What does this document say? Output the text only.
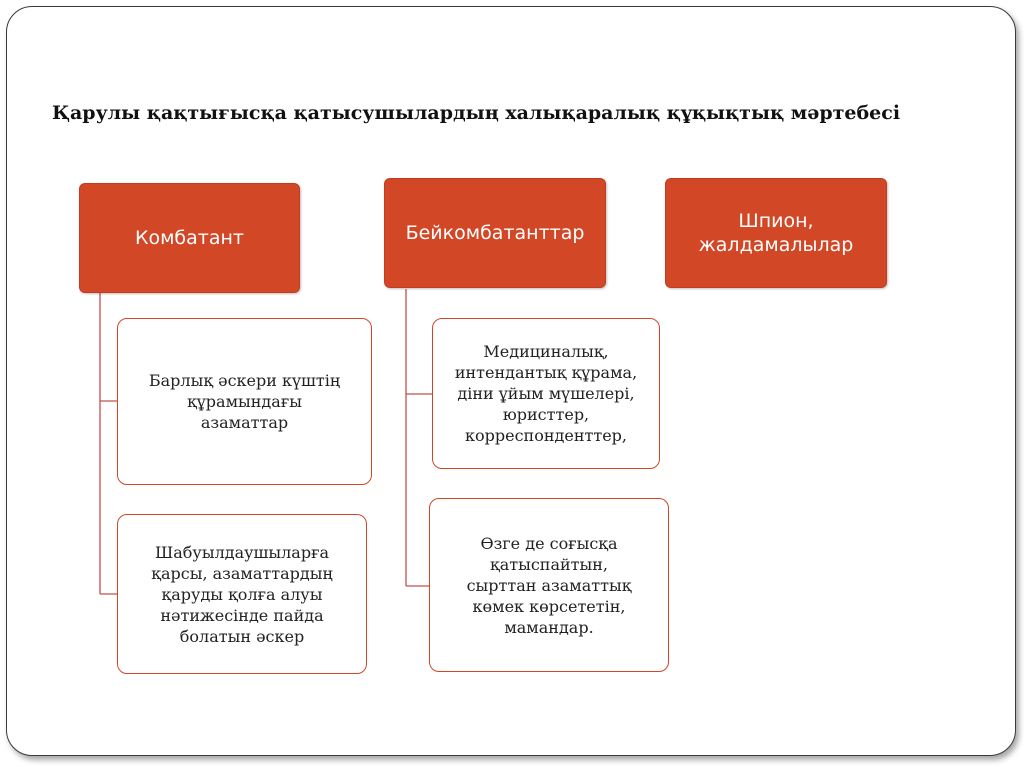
Қарулы қақтығысқа қатысушылардың халықаралық құқықтық мәртебесі
Комбатант	Бейкомбатанттар
Шпион, жалдамалылар
Барлық әскери күштің құрамындағы азаматтар
Шабуылдаушыларға қарсы, азаматтардың қаруды қолға алуы нәтижесінде пайда болатын әскер
Медициналық, интендантық құрама, діни ұйым мүшелері, юристтер, корреспонденттер,
Өзге де соғысқа қатыспайтын, сырттан азаматтық көмек көрсететін, мамандар.
